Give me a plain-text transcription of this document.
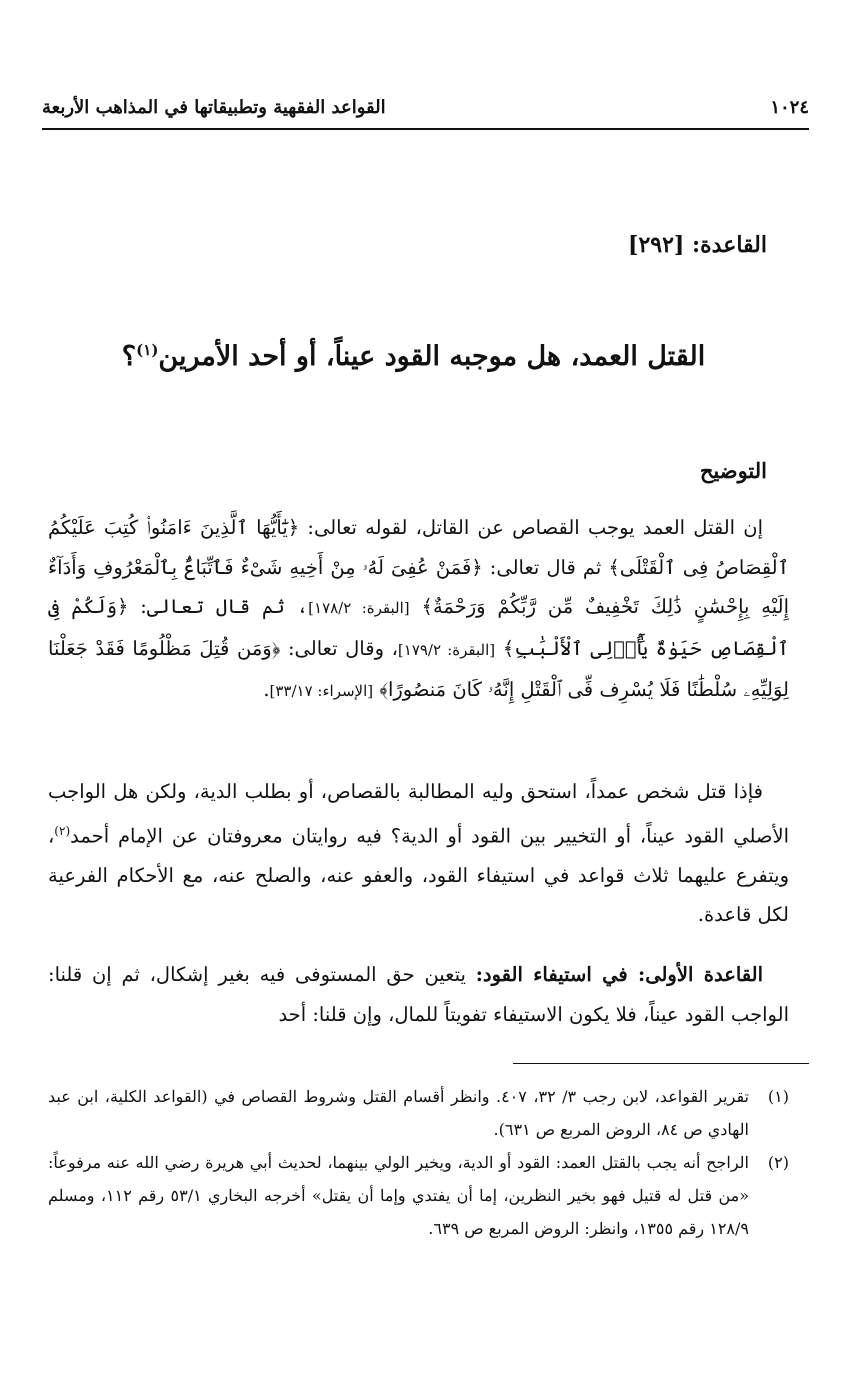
١٠٢٤
القواعد الفقهية وتطبيقاتها في المذاهب الأربعة
القاعدة: [٢٩٢]
القتل العمد، هل موجبه القود عيناً، أو أحد الأمرين$^{(١)}$؟
التوضيح

إن القتل العمد يوجب القصاص عن القاتل، لقوله تعالى: ﴿يَٰٓأَيُّهَا ٱلَّذِينَ ءَامَنُوا۟ كُتِبَ عَلَيْكُمُ ٱلْقِصَاصُ فِى ٱلْقَتْلَى﴾ ثم قال تعالى: ﴿فَمَنْ عُفِىَ لَهُۥ مِنْ أَخِيهِ شَىْءٌ فَٱتِّبَاعٌۢ بِٱلْمَعْرُوفِ وَأَدَآءٌ إِلَيْهِ بِإِحْسَٰنٍ ذَٰلِكَ تَخْفِيفٌ مِّن رَّبِّكُمْ وَرَحْمَةٌ﴾ [البقرة: ١٧٨/٢]، ثم قال تعالى: ﴿وَلَكُمْ فِى ٱلْقِصَاصِ حَيَوٰةٌ يَٰٓأُو۟لِى ٱلْأَلْبَٰبِ﴾ [البقرة: ١٧٩/٢]، وقال تعالى: ﴿وَمَن قُتِلَ مَظْلُومًا فَقَدْ جَعَلْنَا لِوَلِيِّهِۦ سُلْطَٰنًا فَلَا يُسْرِف فِّى ٱلْقَتْلِ إِنَّهُۥ كَانَ مَنصُورًا﴾ [الإسراء: ٣٣/١٧].

فإذا قتل شخص عمداً، استحق وليه المطالبة بالقصاص، أو بطلب الدية، ولكن هل الواجب الأصلي القود عيناً، أو التخيير بين القود أو الدية؟ فيه روايتان معروفتان عن الإمام أحمد$^{(٢)}$، ويتفرع عليهما ثلاث قواعد في استيفاء القود، والعفو عنه، والصلح عنه، مع الأحكام الفرعية لكل قاعدة.

القاعدة الأولى: في استيفاء القود: يتعين حق المستوفى فيه بغير إشكال، ثم إن قلنا: الواجب القود عيناً، فلا يكون الاستيفاء تفويتاً للمال، وإن قلنا: أحد

(١)
تقرير القواعد، لابن رجب ٣/ ٣٢، ٤٠٧. وانظر أقسام القتل وشروط القصاص في (القواعد الكلية، ابن عبد الهادي ص ٨٤، الروض المربع ص ٦٣١).
(٢)
الراجح أنه يجب بالقتل العمد: القود أو الدية، ويخير الولي بينهما، لحديث أبي هريرة رضي الله عنه مرفوعاً: «من قتل له قتيل فهو بخير النظرين، إما أن يفتدي وإما أن يقتل» أخرجه البخاري ٥٣/١ رقم ١١٢، ومسلم ١٢٨/٩ رقم ١٣٥٥، وانظر: الروض المربع ص ٦٣٩.
